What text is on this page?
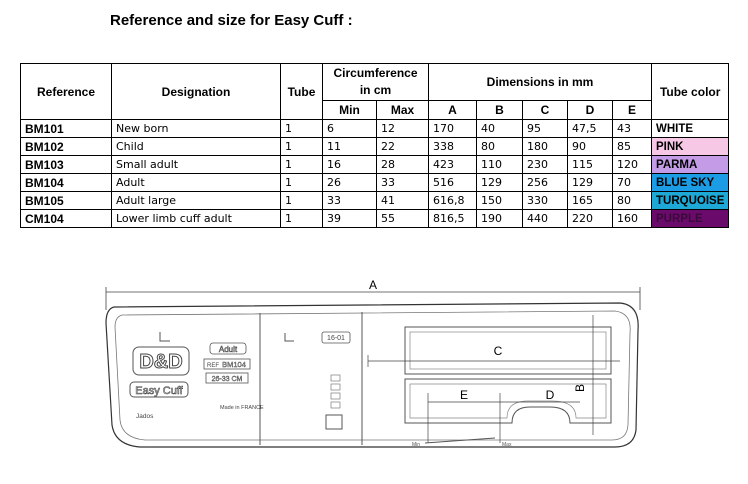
Reference and size for Easy Cuff :
Reference	Designation	Tube	Circumference in cm		Dimensions in mm					Tube color
			Min	Max	A	B	C	D	E	
BM101	New born	1	6	12	170	40	95	47,5	43	WHITE
BM102	Child	1	11	22	338	80	180	90	85	PINK
BM103	Small adult	1	16	28	423	110	230	115	120	PARMA
BM104	Adult	1	26	33	516	129	256	129	70	BLUE SKY
BM105	Adult large	1	33	41	616,8	150	330	165	80	TURQUOISE
CM104	Lower limb cuff adult	1	39	55	816,5	190	440	220	160	PURPLE
A
D&D
Easy Cuff
Adult
REF BM104
26-33 CM
Made in FRANCE
Jados
16-01
C
B
E	D
Min	Max
